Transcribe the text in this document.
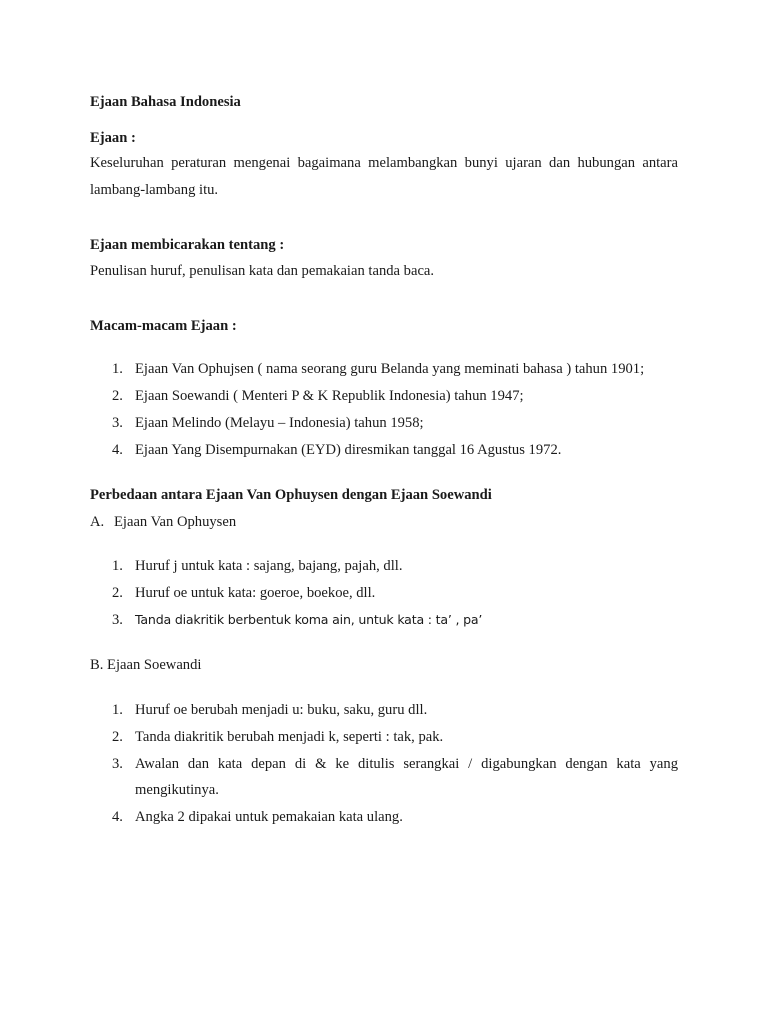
Ejaan Bahasa Indonesia
Ejaan :
Keseluruhan peraturan mengenai bagaimana melambangkan bunyi ujaran dan hubungan antara
lambang-lambang itu.
Ejaan membicarakan tentang :
Penulisan huruf, penulisan kata dan pemakaian tanda baca.
Macam-macam Ejaan :
1. Ejaan Van Ophujsen ( nama seorang guru Belanda yang meminati bahasa ) tahun 1901;
2. Ejaan Soewandi ( Menteri P & K Republik Indonesia) tahun 1947;
3. Ejaan Melindo (Melayu – Indonesia) tahun 1958;
4. Ejaan Yang Disempurnakan (EYD) diresmikan tanggal 16 Agustus 1972.
Perbedaan antara Ejaan Van Ophuysen dengan Ejaan Soewandi
A. Ejaan Van Ophuysen
1. Huruf j untuk kata : sajang, bajang, pajah, dll.
2. Huruf oe untuk kata: goeroe, boekoe, dll.
3. Tanda diakritik berbentuk koma ain, untuk kata : ta’ , pa’
B. Ejaan Soewandi
1. Huruf oe berubah menjadi u: buku, saku, guru dll.
2. Tanda diakritik berubah menjadi k, seperti : tak, pak.
3. Awalan dan kata depan di & ke ditulis serangkai / digabungkan dengan kata yang
mengikutinya.
4. Angka 2 dipakai untuk pemakaian kata ulang.
